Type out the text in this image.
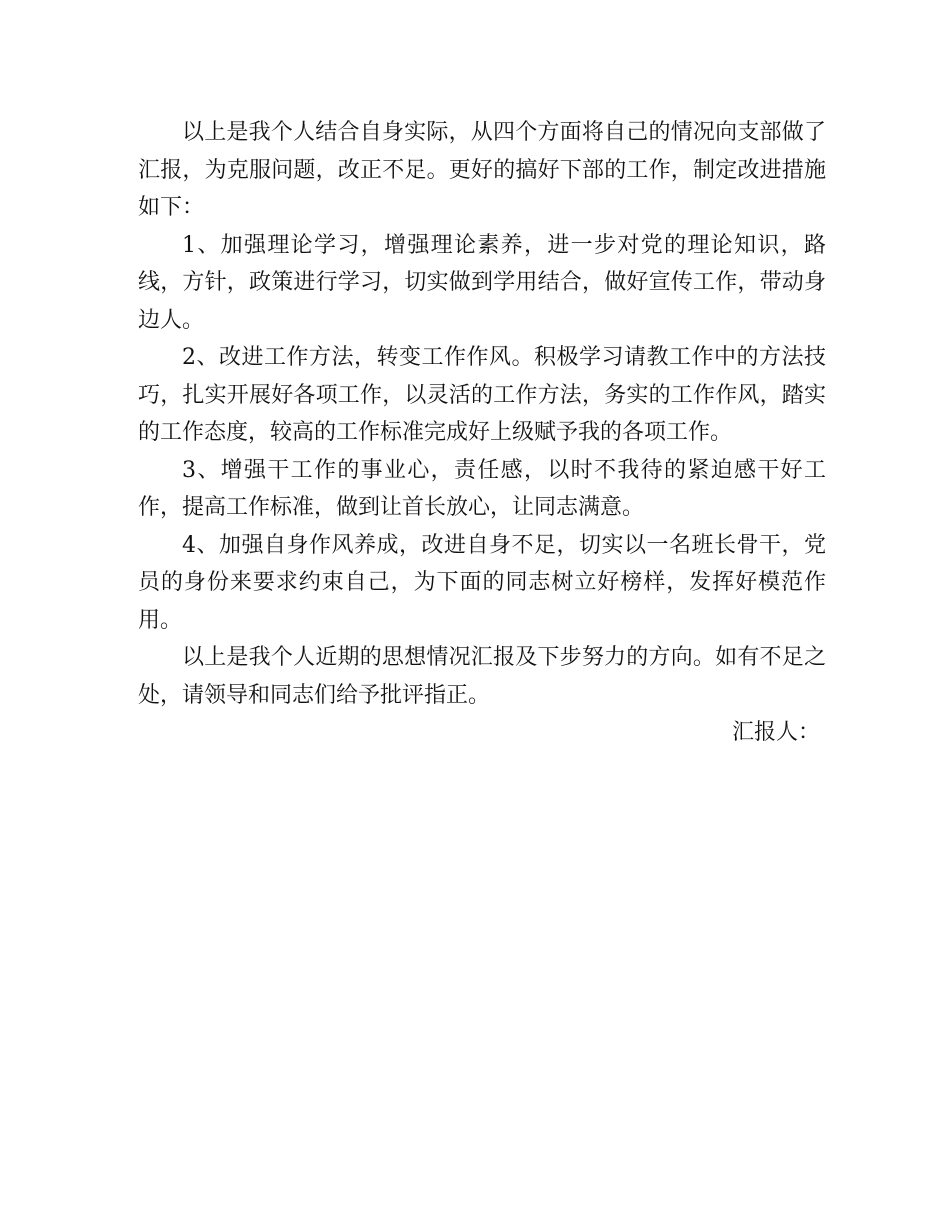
以上是我个人结合自身实际，从四个方面将自己的情况向支部做了汇报，为克服问题，改正不足。更好的搞好下部的工作，制定改进措施如下：

1、加强理论学习，增强理论素养，进一步对党的理论知识，路线，方针，政策进行学习，切实做到学用结合，做好宣传工作，带动身边人。

2、改进工作方法，转变工作作风。积极学习请教工作中的方法技巧，扎实开展好各项工作，以灵活的工作方法，务实的工作作风，踏实的工作态度，较高的工作标准完成好上级赋予我的各项工作。

3、增强干工作的事业心，责任感，以时不我待的紧迫感干好工作，提高工作标准，做到让首长放心，让同志满意。

4、加强自身作风养成，改进自身不足，切实以一名班长骨干，党员的身份来要求约束自己，为下面的同志树立好榜样，发挥好模范作用。

以上是我个人近期的思想情况汇报及下步努力的方向。如有不足之处，请领导和同志们给予批评指正。

汇报人：
